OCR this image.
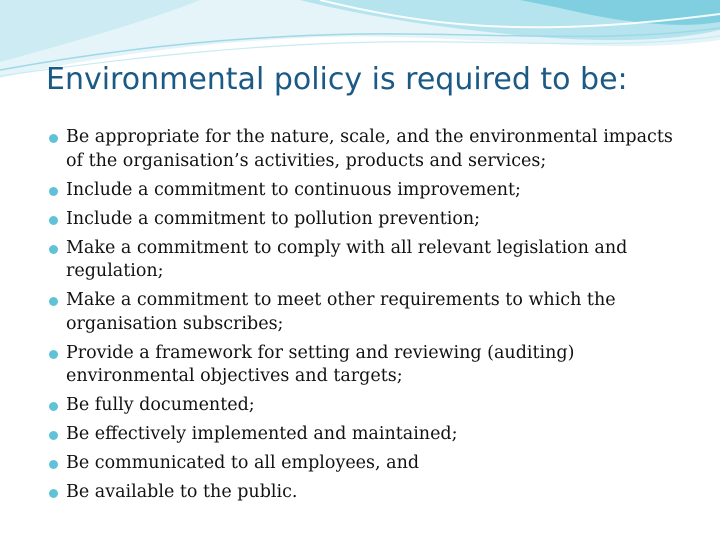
Environmental policy is required to be:
Be appropriate for the nature, scale, and the environmental impacts of the organisation’s activities, products and services;
Include a commitment to continuous improvement;
Include a commitment to pollution prevention;
Make a commitment to comply with all relevant legislation and regulation;
Make a commitment to meet other requirements to which the organisation subscribes;
Provide a framework for setting and reviewing (auditing) environmental objectives and targets;
Be fully documented;
Be effectively implemented and maintained;
Be communicated to all employees, and
Be available to the public.
